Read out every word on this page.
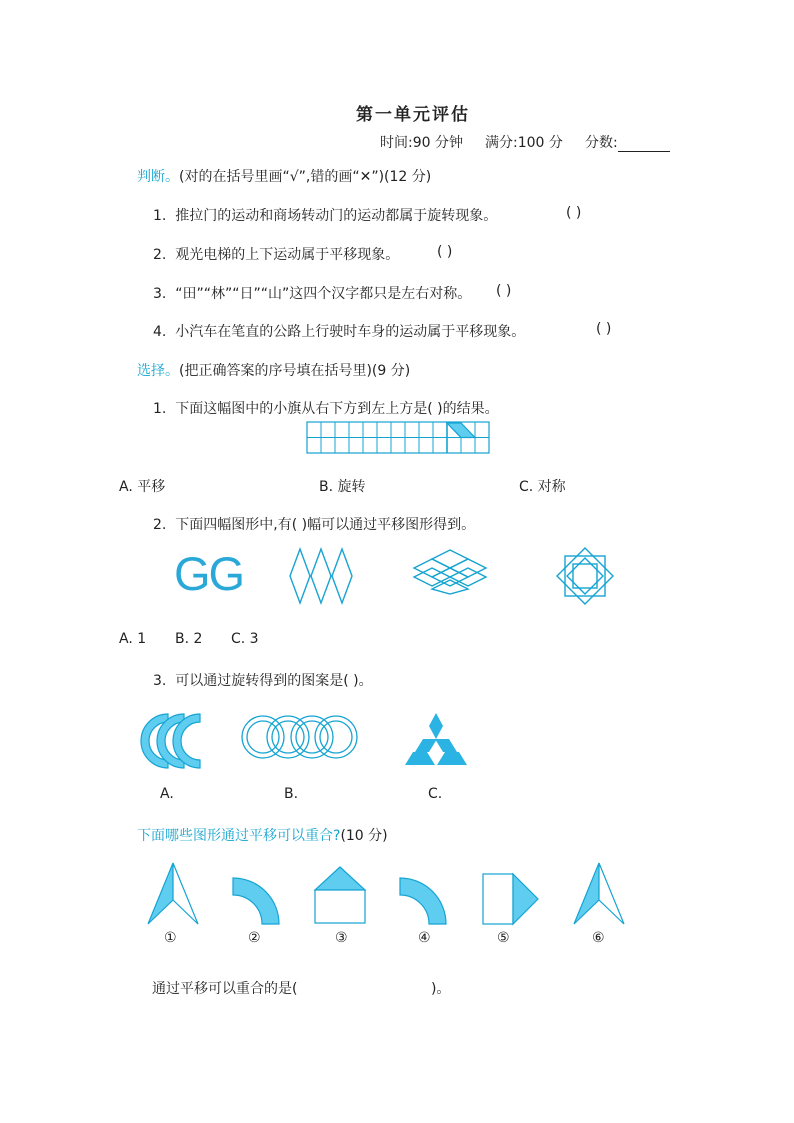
第一单元评估
时间:90 分钟 满分:100 分 分数:
判断。(对的在括号里画“√”,错的画“✕”)(12 分)
1. 推拉门的运动和商场转动门的运动都属于旋转现象。	( )
2. 观光电梯的上下运动属于平移现象。	( )
3. “田”“林”“日”“山”这四个汉字都只是左右对称。 ( )
4. 小汽车在笔直的公路上行驶时车身的运动属于平移现象。	( )
选择。(把正确答案的序号填在括号里)(9 分)
1. 下面这幅图中的小旗从右下方到左上方是( )的结果。
A. 平移	B. 旋转	C. 对称
2. 下面四幅图形中,有( )幅可以通过平移图形得到。
GG
A. 1 B. 2 C. 3
3. 可以通过旋转得到的图案是( )。
A.	B.	C.
下面哪些图形通过平移可以重合?(10 分)
①	②	③	④	⑤	⑥
通过平移可以重合的是(                              )。
